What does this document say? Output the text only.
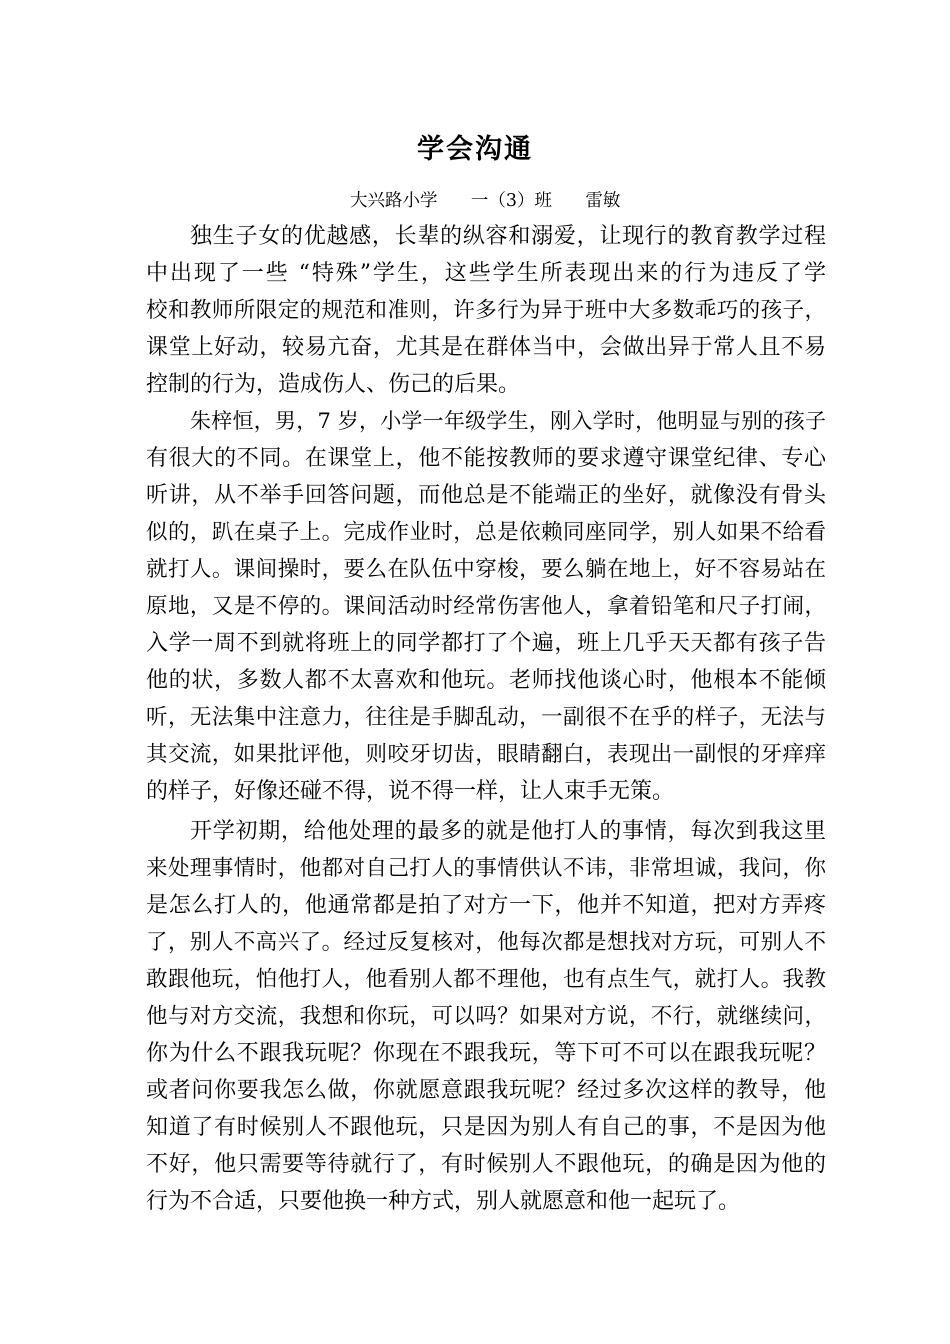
学会沟通
大兴路小学 一（3）班 雷敏
独生子女的优越感，长辈的纵容和溺爱，让现行的教育教学过程
中出现了一些 “特殊”学生，这些学生所表现出来的行为违反了学
校和教师所限定的规范和准则，许多行为异于班中大多数乖巧的孩子，
课堂上好动，较易亢奋，尤其是在群体当中，会做出异于常人且不易
控制的行为，造成伤人、伤己的后果。
朱梓恒，男，7 岁，小学一年级学生，刚入学时，他明显与别的孩子
有很大的不同。在课堂上，他不能按教师的要求遵守课堂纪律、专心
听讲，从不举手回答问题，而他总是不能端正的坐好，就像没有骨头
似的，趴在桌子上。完成作业时，总是依赖同座同学，别人如果不给看
就打人。课间操时，要么在队伍中穿梭，要么躺在地上，好不容易站在
原地，又是不停的。课间活动时经常伤害他人，拿着铅笔和尺子打闹，
入学一周不到就将班上的同学都打了个遍，班上几乎天天都有孩子告
他的状，多数人都不太喜欢和他玩。老师找他谈心时，他根本不能倾
听，无法集中注意力，往往是手脚乱动，一副很不在乎的样子，无法与
其交流，如果批评他，则咬牙切齿，眼睛翻白，表现出一副恨的牙痒痒
的样子，好像还碰不得，说不得一样，让人束手无策。
开学初期，给他处理的最多的就是他打人的事情，每次到我这里
来处理事情时，他都对自己打人的事情供认不讳，非常坦诚，我问，你
是怎么打人的，他通常都是拍了对方一下，他并不知道，把对方弄疼
了，别人不高兴了。经过反复核对，他每次都是想找对方玩，可别人不
敢跟他玩，怕他打人，他看别人都不理他，也有点生气，就打人。我教
他与对方交流，我想和你玩，可以吗？如果对方说，不行，就继续问，
你为什么不跟我玩呢？你现在不跟我玩，等下可不可以在跟我玩呢？
或者问你要我怎么做，你就愿意跟我玩呢？经过多次这样的教导，他
知道了有时候别人不跟他玩，只是因为别人有自己的事，不是因为他
不好，他只需要等待就行了，有时候别人不跟他玩，的确是因为他的
行为不合适，只要他换一种方式，别人就愿意和他一起玩了。
